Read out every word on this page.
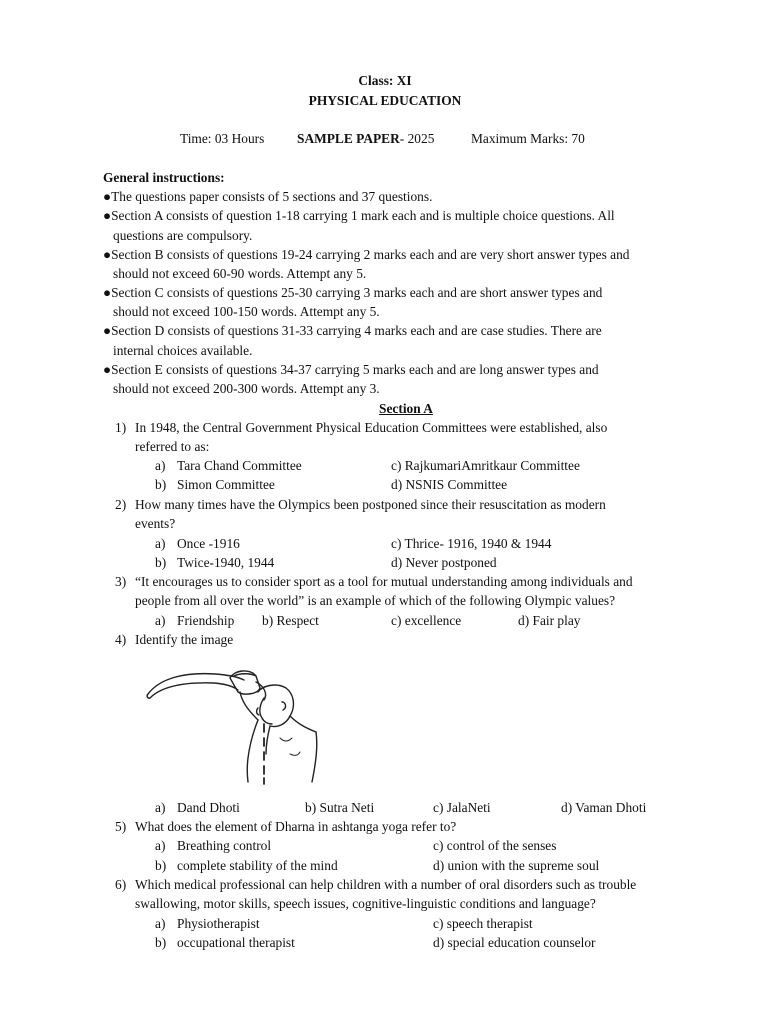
Class: XI
PHYSICAL EDUCATION
Time: 03 Hours SAMPLE PAPER- 2025	Maximum Marks: 70
General instructions:
●The questions paper consists of 5 sections and 37 questions.
●Section A consists of question 1-18 carrying 1 mark each and is multiple choice questions. All
questions are compulsory.
●Section B consists of questions 19-24 carrying 2 marks each and are very short answer types and
should not exceed 60-90 words. Attempt any 5.
●Section C consists of questions 25-30 carrying 3 marks each and are short answer types and
should not exceed 100-150 words. Attempt any 5.
●Section D consists of questions 31-33 carrying 4 marks each and are case studies. There are
internal choices available.
●Section E consists of questions 34-37 carrying 5 marks each and are long answer types and
should not exceed 200-300 words. Attempt any 3.
Section A
1) In 1948, the Central Government Physical Education Committees were established, also
referred to as:
a) Tara Chand Committee	c) RajkumariAmritkaur Committee
b) Simon Committee	d) NSNIS Committee
2) How many times have the Olympics been postponed since their resuscitation as modern
events?
a) Once -1916	c) Thrice- 1916, 1940 & 1944
b) Twice-1940, 1944	d) Never postponed
3) “It encourages us to consider sport as a tool for mutual understanding among individuals and
people from all over the world” is an example of which of the following Olympic values?
a) Friendship b) Respect	c) excellence	d) Fair play
4) Identify the image
a) Dand Dhoti	b) Sutra Neti	c) JalaNeti	d) Vaman Dhoti
5) What does the element of Dharna in ashtanga yoga refer to?
a) Breathing control	c) control of the senses
b) complete stability of the mind	d) union with the supreme soul
6) Which medical professional can help children with a number of oral disorders such as trouble
swallowing, motor skills, speech issues, cognitive-linguistic conditions and language?
a) Physiotherapist	c) speech therapist
b) occupational therapist	d) special education counselor
